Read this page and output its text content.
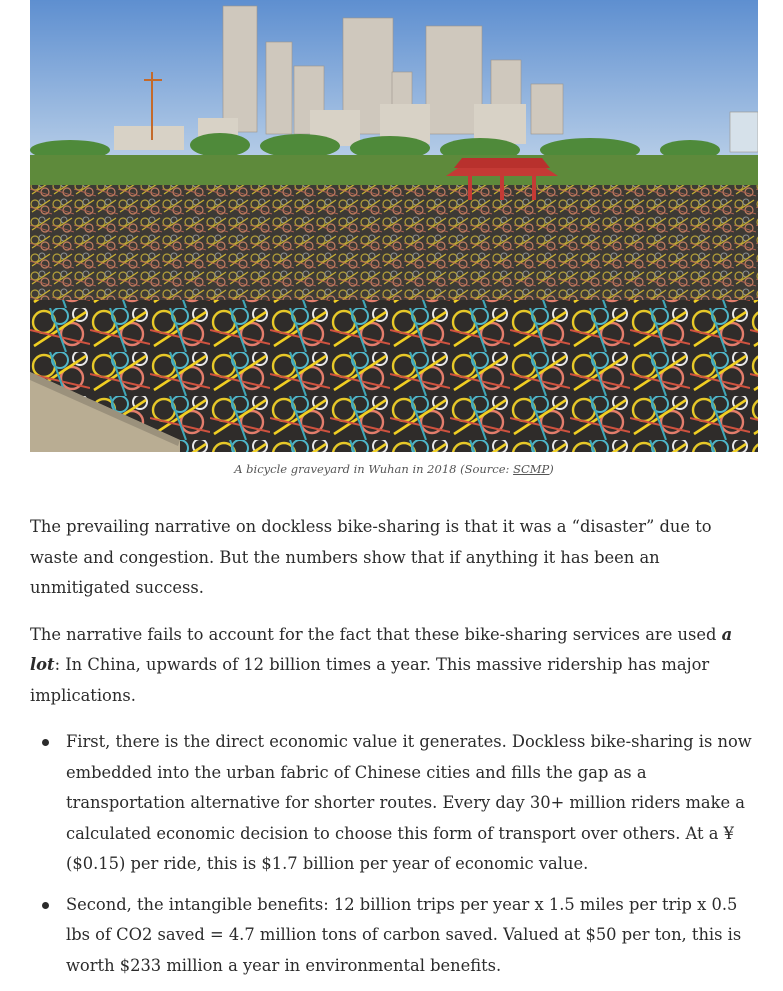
A bicycle graveyard in Wuhan in 2018 (Source: SCMP)

The prevailing narrative on dockless bike-sharing is that it was a “disaster” due to waste and congestion. But the numbers show that if anything it has been an unmitigated success.

The narrative fails to account for the fact that these bike-sharing services are used a lot: In China, upwards of 12 billion times a year. This massive ridership has major implications.

First, there is the direct economic value it generates. Dockless bike-sharing is now embedded into the urban fabric of Chinese cities and fills the gap as a transportation alternative for shorter routes. Every day 30+ million riders make a calculated economic decision to choose this form of transport over others. At a ¥ ($0.15) per ride, this is $1.7 billion per year of economic value.
Second, the intangible benefits: 12 billion trips per year x 1.5 miles per trip x 0.5 lbs of CO2 saved = 4.7 million tons of carbon saved. Valued at $50 per ton, this is worth $233 million a year in environmental benefits.
